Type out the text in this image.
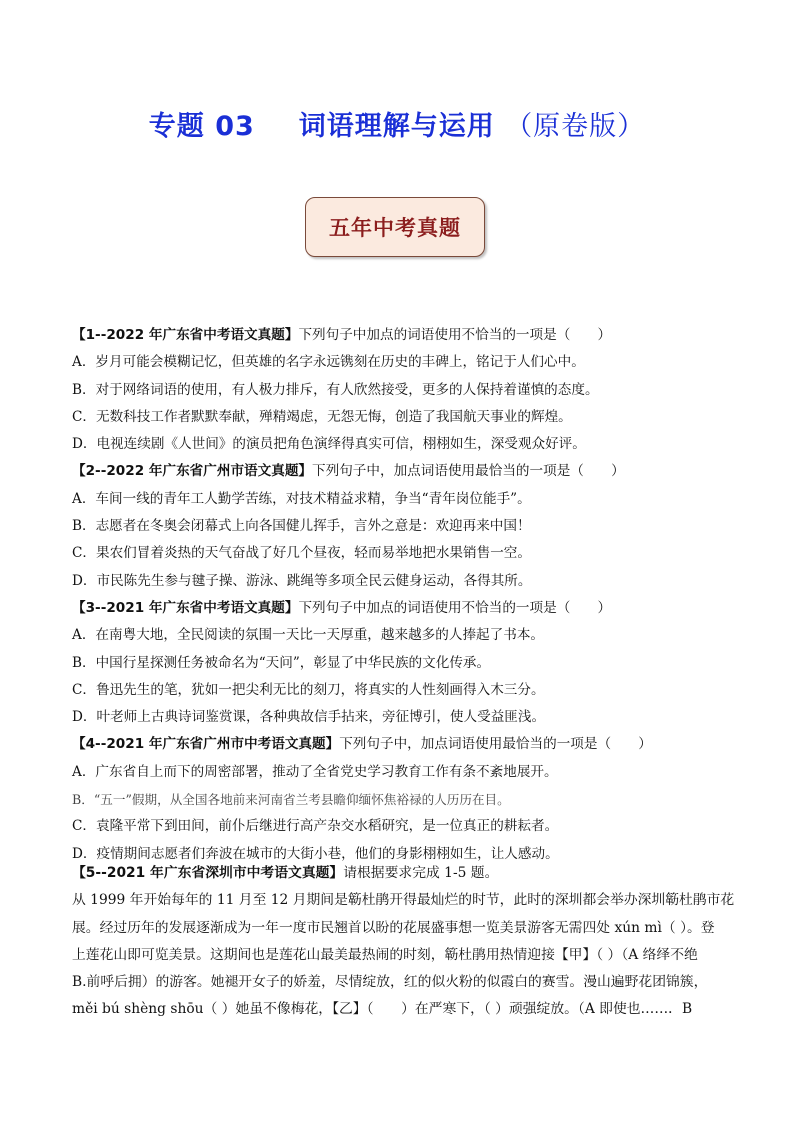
专题 03 词语理解与运用 （原卷版）
五年中考真题
【1--2022 年广东省中考语文真题】下列句子中加点的词语使用不恰当的一项是（　　）
A．岁月可能会模糊记忆，但英雄的名字永远镌刻在历史的丰碑上，铭记于人们心中。
B．对于网络词语的使用，有人极力排斥，有人欣然接受，更多的人保持着谨慎的态度。
C．无数科技工作者默默奉献，殚精竭虑，无怨无悔，创造了我国航天事业的辉煌。
D．电视连续剧《人世间》的演员把角色演绎得真实可信，栩栩如生，深受观众好评。
【2--2022 年广东省广州市语文真题】下列句子中，加点词语使用最恰当的一项是（　　）
A．车间一线的青年工人勤学苦练，对技术精益求精，争当“青年岗位能手”。
B．志愿者在冬奥会闭幕式上向各国健儿挥手，言外之意是：欢迎再来中国！
C．果农们冒着炎热的天气奋战了好几个昼夜，轻而易举地把水果销售一空。
D．市民陈先生参与毽子操、游泳、跳绳等多项全民云健身运动，各得其所。
【3--2021 年广东省中考语文真题】下列句子中加点的词语使用不恰当的一项是（　　）
A．在南粤大地，全民阅读的氛围一天比一天厚重，越来越多的人捧起了书本。
B．中国行星探测任务被命名为“天问”，彰显了中华民族的文化传承。
C．鲁迅先生的笔，犹如一把尖利无比的刻刀，将真实的人性刻画得入木三分。
D．叶老师上古典诗词鉴赏课，各种典故信手拈来，旁征博引，使人受益匪浅。
【4--2021 年广东省广州市中考语文真题】下列句子中，加点词语使用最恰当的一项是（　　）
A．广东省自上而下的周密部署，推动了全省党史学习教育工作有条不紊地展开。
B．“五一”假期，从全国各地前来河南省兰考县瞻仰缅怀焦裕禄的人历历在目。
C．袁隆平常下到田间，前仆后继进行高产杂交水稻研究，是一位真正的耕耘者。
D．疫情期间志愿者们奔波在城市的大街小巷，他们的身影栩栩如生，让人感动。
【5--2021 年广东省深圳市中考语文真题】请根据要求完成 1-5 题。
从 1999 年开始每年的 11 月至 12 月期间是簕杜鹃开得最灿烂的时节，此时的深圳都会举办深圳簕杜鹃市花
展。经过历年的发展逐渐成为一年一度市民翘首以盼的花展盛事想一览美景游客无需四处 xún mì（ ）。登
上莲花山即可览美景。这期间也是莲花山最美最热闹的时刻，簕杜鹃用热情迎接【甲】（ ）（A 络绎不绝
B.前呼后拥）的游客。她褪开女子的娇羞，尽情绽放，红的似火粉的似霞白的赛雪。漫山遍野花团锦簇，
měi bú shèng shōu（ ）她虽不像梅花，【乙】（　　）在严寒下，（ ）顽强绽放。（A 即使也……．B
